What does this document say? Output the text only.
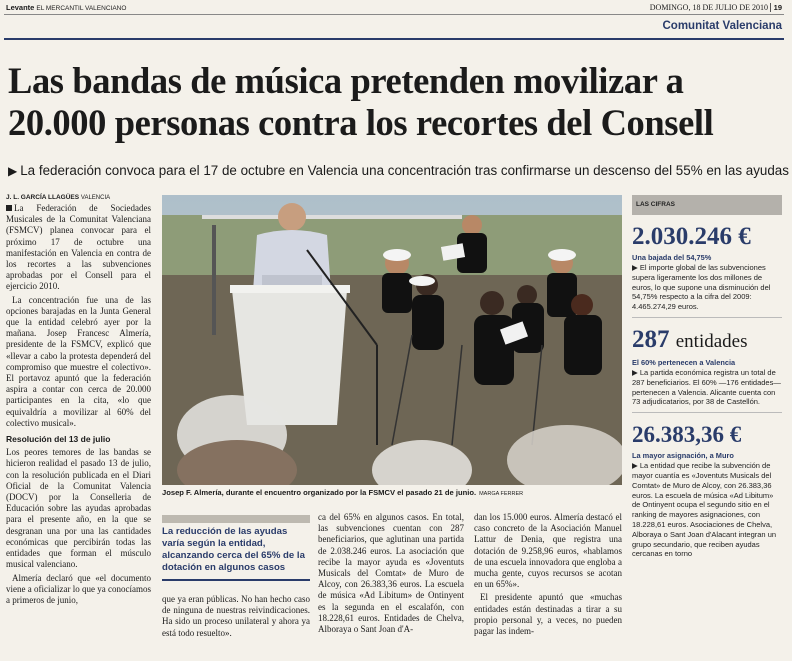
Levante EL MERCANTIL VALENCIANO	DOMINGO, 18 DE JULIO DE 2010 19
Comunitat Valenciana
Las bandas de música pretenden movilizar a
20.000 personas contra los recortes del Consell
▶ La federación convoca para el 17 de octubre en Valencia una concentración tras confirmarse un descenso del 55% en las ayudas
J. L. GARCÍA LLAGÜES VALENCIA

La Federación de Sociedades Musicales de la Comunitat Valenciana (FSMCV) planea convocar para el próximo 17 de octubre una manifestación en Valencia en contra de los recortes a las subvenciones aprobadas por el Consell para el ejercicio 2010.

La concentración fue una de las opciones barajadas en la Junta General que la entidad celebró ayer por la mañana. Josep Francesc Almería, presidente de la FSMCV, explicó que «llevar a cabo la protesta dependerá del compromiso que muestre el colectivo». El portavoz apuntó que la federación aspira a contar con cerca de 20.000 participantes en la cita, «lo que equivaldría a movilizar al 60% del colectivo musical».

Resolución del 13 de julio

Los peores temores de las bandas se hicieron realidad el pasado 13 de julio, con la resolución publicada en el Diari Oficial de la Comunitat Valencia (DOCV) por la Conselleria de Educación sobre las ayudas aprobadas para el presente año, en la que se desgranan una por una las cantidades económicas que percibirán todas las entidades que forman el músculo musical valenciano.

Almería declaró que «el documento viene a oficializar lo que ya conocíamos a primeros de junio,

Josep F. Almería, durante el encuentro organizado por la FSMCV el pasado 21 de junio. MARGA FERRER
La reducción de las ayudas varía según la entidad, alcanzando cerca del 65% de la dotación en algunos casos

que ya eran públicas. No han hecho caso de ninguna de nuestras reivindicaciones. Ha sido un proceso unilateral y ahora ya está todo resuelto».

ca del 65% en algunos casos. En total, las subvenciones cuentan con 287 beneficiarios, que aglutinan una partida de 2.038.246 euros. La asociación que recibe la mayor ayuda es «Joventuts Musicals del Comtat» de Muro de Alcoy, con 26.383,36 euros. La escuela de música «Ad Libitum» de Ontinyent es la segunda en el escalafón, con 18.228,61 euros. Entidades de Chelva, Alboraya o Sant Joan d'A-

dan los 15.000 euros. Almería destacó el caso concreto de la Asociación Manuel Lattur de Denia, que registra una dotación de 9.258,96 euros, «hablamos de una escuela innovadora que engloba a mucha gente, cuyos recursos se acotan en un 65%».

El presidente apuntó que «muchas entidades están destinadas a tirar a su propio personal y, a veces, no pueden pagar las indem-

LAS CIFRAS
2.030.246 €
Una bajada del 54,75%
▶ El importe global de las subvenciones supera ligeramente los dos millones de euros, lo que supone una disminución del 54,75% respecto a la cifra del 2009: 4.465.274,29 euros.
287 entidades
El 60% pertenecen a Valencia
▶ La partida económica registra un total de 287 beneficiarios. El 60% —176 entidades— pertenecen a Valencia. Alicante cuenta con 73 adjudicatarios, por 38 de Castellón.
26.383,36 €
La mayor asignación, a Muro
▶ La entidad que recibe la subvención de mayor cuantía es «Joventuts Musicals del Comtat» de Muro de Alcoy, con 26.383,36 euros. La escuela de música «Ad Libitum» de Ontinyent ocupa el segundo sitio en el ranking de mayores asignaciones, con 18.228,61 euros. Asociaciones de Chelva, Alboraya o Sant Joan d'Alacant integran un grupo secundario, que reciben ayudas cercanas en torno
